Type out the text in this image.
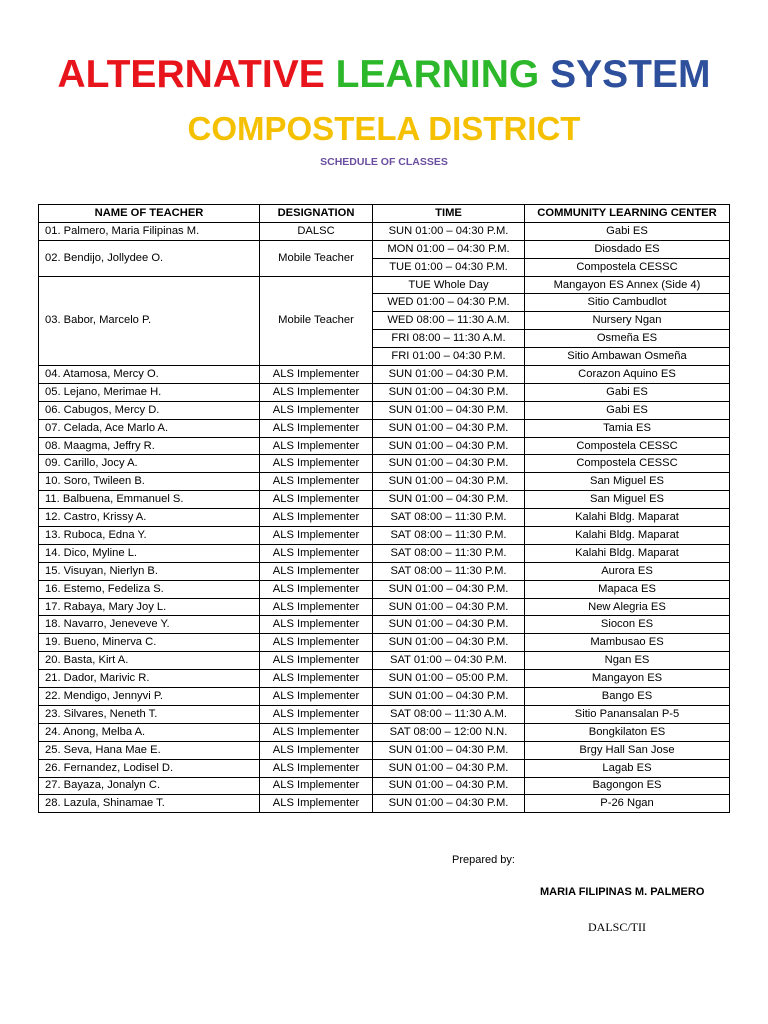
ALTERNATIVE LEARNING SYSTEM
COMPOSTELA DISTRICT
SCHEDULE OF CLASSES
NAME OF TEACHER	DESIGNATION	TIME	COMMUNITY LEARNING CENTER
01. Palmero, Maria Filipinas M.	DALSC	SUN 01:00 – 04:30 P.M.	Gabi ES
02. Bendijo, Jollydee O.	Mobile Teacher	MON 01:00 – 04:30 P.M.	Diosdado ES
		TUE 01:00 – 04:30 P.M.	Compostela CESSC
03. Babor, Marcelo P.	Mobile Teacher	TUE Whole Day	Mangayon ES Annex (Side 4)
		WED 01:00 – 04:30 P.M.	Sitio Cambudlot
		WED 08:00 – 11:30 A.M.	Nursery Ngan
		FRI 08:00 – 11:30 A.M.	Osmeña ES
		FRI 01:00 – 04:30 P.M.	Sitio Ambawan Osmeña
04. Atamosa, Mercy O.	ALS Implementer	SUN 01:00 – 04:30 P.M.	Corazon Aquino ES
05. Lejano, Merimae H.	ALS Implementer	SUN 01:00 – 04:30 P.M.	Gabi ES
06. Cabugos, Mercy D.	ALS Implementer	SUN 01:00 – 04:30 P.M.	Gabi ES
07. Celada, Ace Marlo A.	ALS Implementer	SUN 01:00 – 04:30 P.M.	Tamia ES
08. Maagma, Jeffry R.	ALS Implementer	SUN 01:00 – 04:30 P.M.	Compostela CESSC
09. Carillo, Jocy A.	ALS Implementer	SUN 01:00 – 04:30 P.M.	Compostela CESSC
10. Soro, Twileen B.	ALS Implementer	SUN 01:00 – 04:30 P.M.	San Miguel ES
11. Balbuena, Emmanuel S.	ALS Implementer	SUN 01:00 – 04:30 P.M.	San Miguel ES
12. Castro, Krissy A.	ALS Implementer	SAT 08:00 – 11:30 P.M.	Kalahi Bldg. Maparat
13. Ruboca, Edna Y.	ALS Implementer	SAT 08:00 – 11:30 P.M.	Kalahi Bldg. Maparat
14. Dico, Myline L.	ALS Implementer	SAT 08:00 – 11:30 P.M.	Kalahi Bldg. Maparat
15. Visuyan, Nierlyn B.	ALS Implementer	SAT 08:00 – 11:30 P.M.	Aurora ES
16. Estemo, Fedeliza S.	ALS Implementer	SUN 01:00 – 04:30 P.M.	Mapaca ES
17. Rabaya, Mary Joy L.	ALS Implementer	SUN 01:00 – 04:30 P.M.	New Alegria ES
18. Navarro, Jeneveve Y.	ALS Implementer	SUN 01:00 – 04:30 P.M.	Siocon ES
19. Bueno, Minerva C.	ALS Implementer	SUN 01:00 – 04:30 P.M.	Mambusao ES
20. Basta, Kirt A.	ALS Implementer	SAT 01:00 – 04:30 P.M.	Ngan ES
21. Dador, Marivic R.	ALS Implementer	SUN 01:00 – 05:00 P.M.	Mangayon ES
22. Mendigo, Jennyvi P.	ALS Implementer	SUN 01:00 – 04:30 P.M.	Bango ES
23. Silvares, Neneth T.	ALS Implementer	SAT 08:00 – 11:30 A.M.	Sitio Panansalan P-5
24. Anong, Melba A.	ALS Implementer	SAT 08:00 – 12:00 N.N.	Bongkilaton ES
25. Seva, Hana Mae E.	ALS Implementer	SUN 01:00 – 04:30 P.M.	Brgy Hall San Jose
26. Fernandez, Lodisel D.	ALS Implementer	SUN 01:00 – 04:30 P.M.	Lagab ES
27. Bayaza, Jonalyn C.	ALS Implementer	SUN 01:00 – 04:30 P.M.	Bagongon ES
28. Lazula, Shinamae T.	ALS Implementer	SUN 01:00 – 04:30 P.M.	P-26 Ngan
Prepared by:
MARIA FILIPINAS M. PALMERO
DALSC/TII
